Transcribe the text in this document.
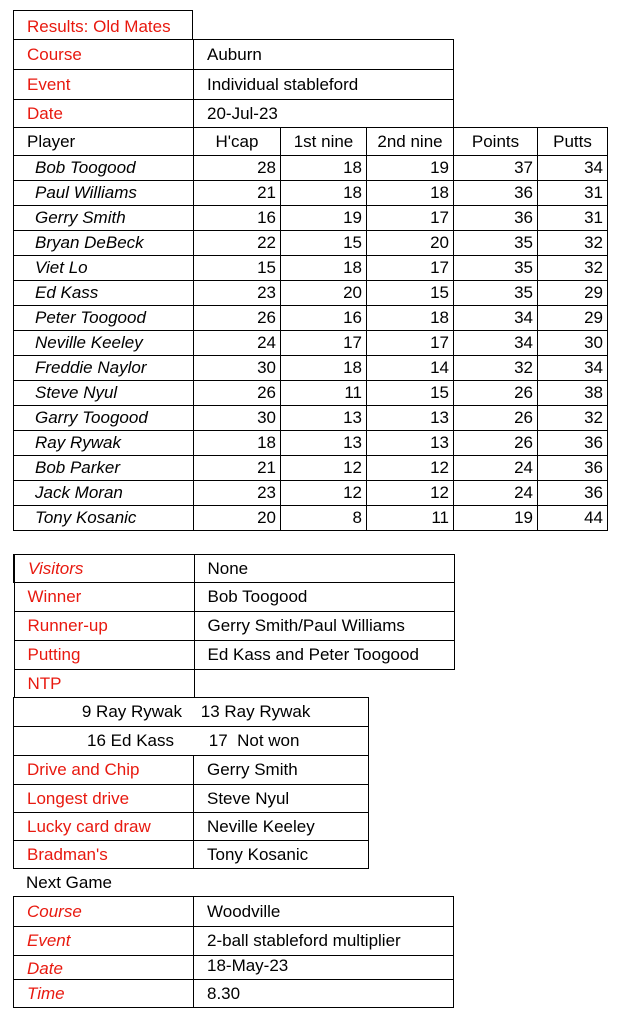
Results: Old Mates
Course	Auburn
Event	Individual stableford
Date	20-Jul-23
Player	H'cap	1st nine	2nd nine	Points	Putts
Bob Toogood	28	18	19	37	34
Paul Williams	21	18	18	36	31
Gerry Smith	16	19	17	36	31
Bryan DeBeck	22	15	20	35	32
Viet Lo	15	18	17	35	32
Ed Kass	23	20	15	35	29
Peter Toogood	26	16	18	34	29
Neville Keeley	24	17	17	34	30
Freddie Naylor	30	18	14	32	34
Steve Nyul	26	11	15	26	38
Garry Toogood	30	13	13	26	32
Ray Rywak	18	13	13	26	36
Bob Parker	21	12	12	24	36
Jack Moran	23	12	12	24	36
Tony Kosanic	20	8	11	19	44
Visitors	None
Winner	Bob Toogood
Runner-up	Gerry Smith/Paul Williams
Putting	Ed Kass and Peter Toogood
NTP	
9 Ray Rywak 13 Ray Rywak
16 Ed Kass 17  Not won
Drive and Chip	Gerry Smith
Longest drive	Steve Nyul
Lucky card draw	Neville Keeley
Bradman's	Tony Kosanic
Next Game
Course	Woodville
Event	2-ball stableford multiplier
Date	18-May-23
Time	8.30
